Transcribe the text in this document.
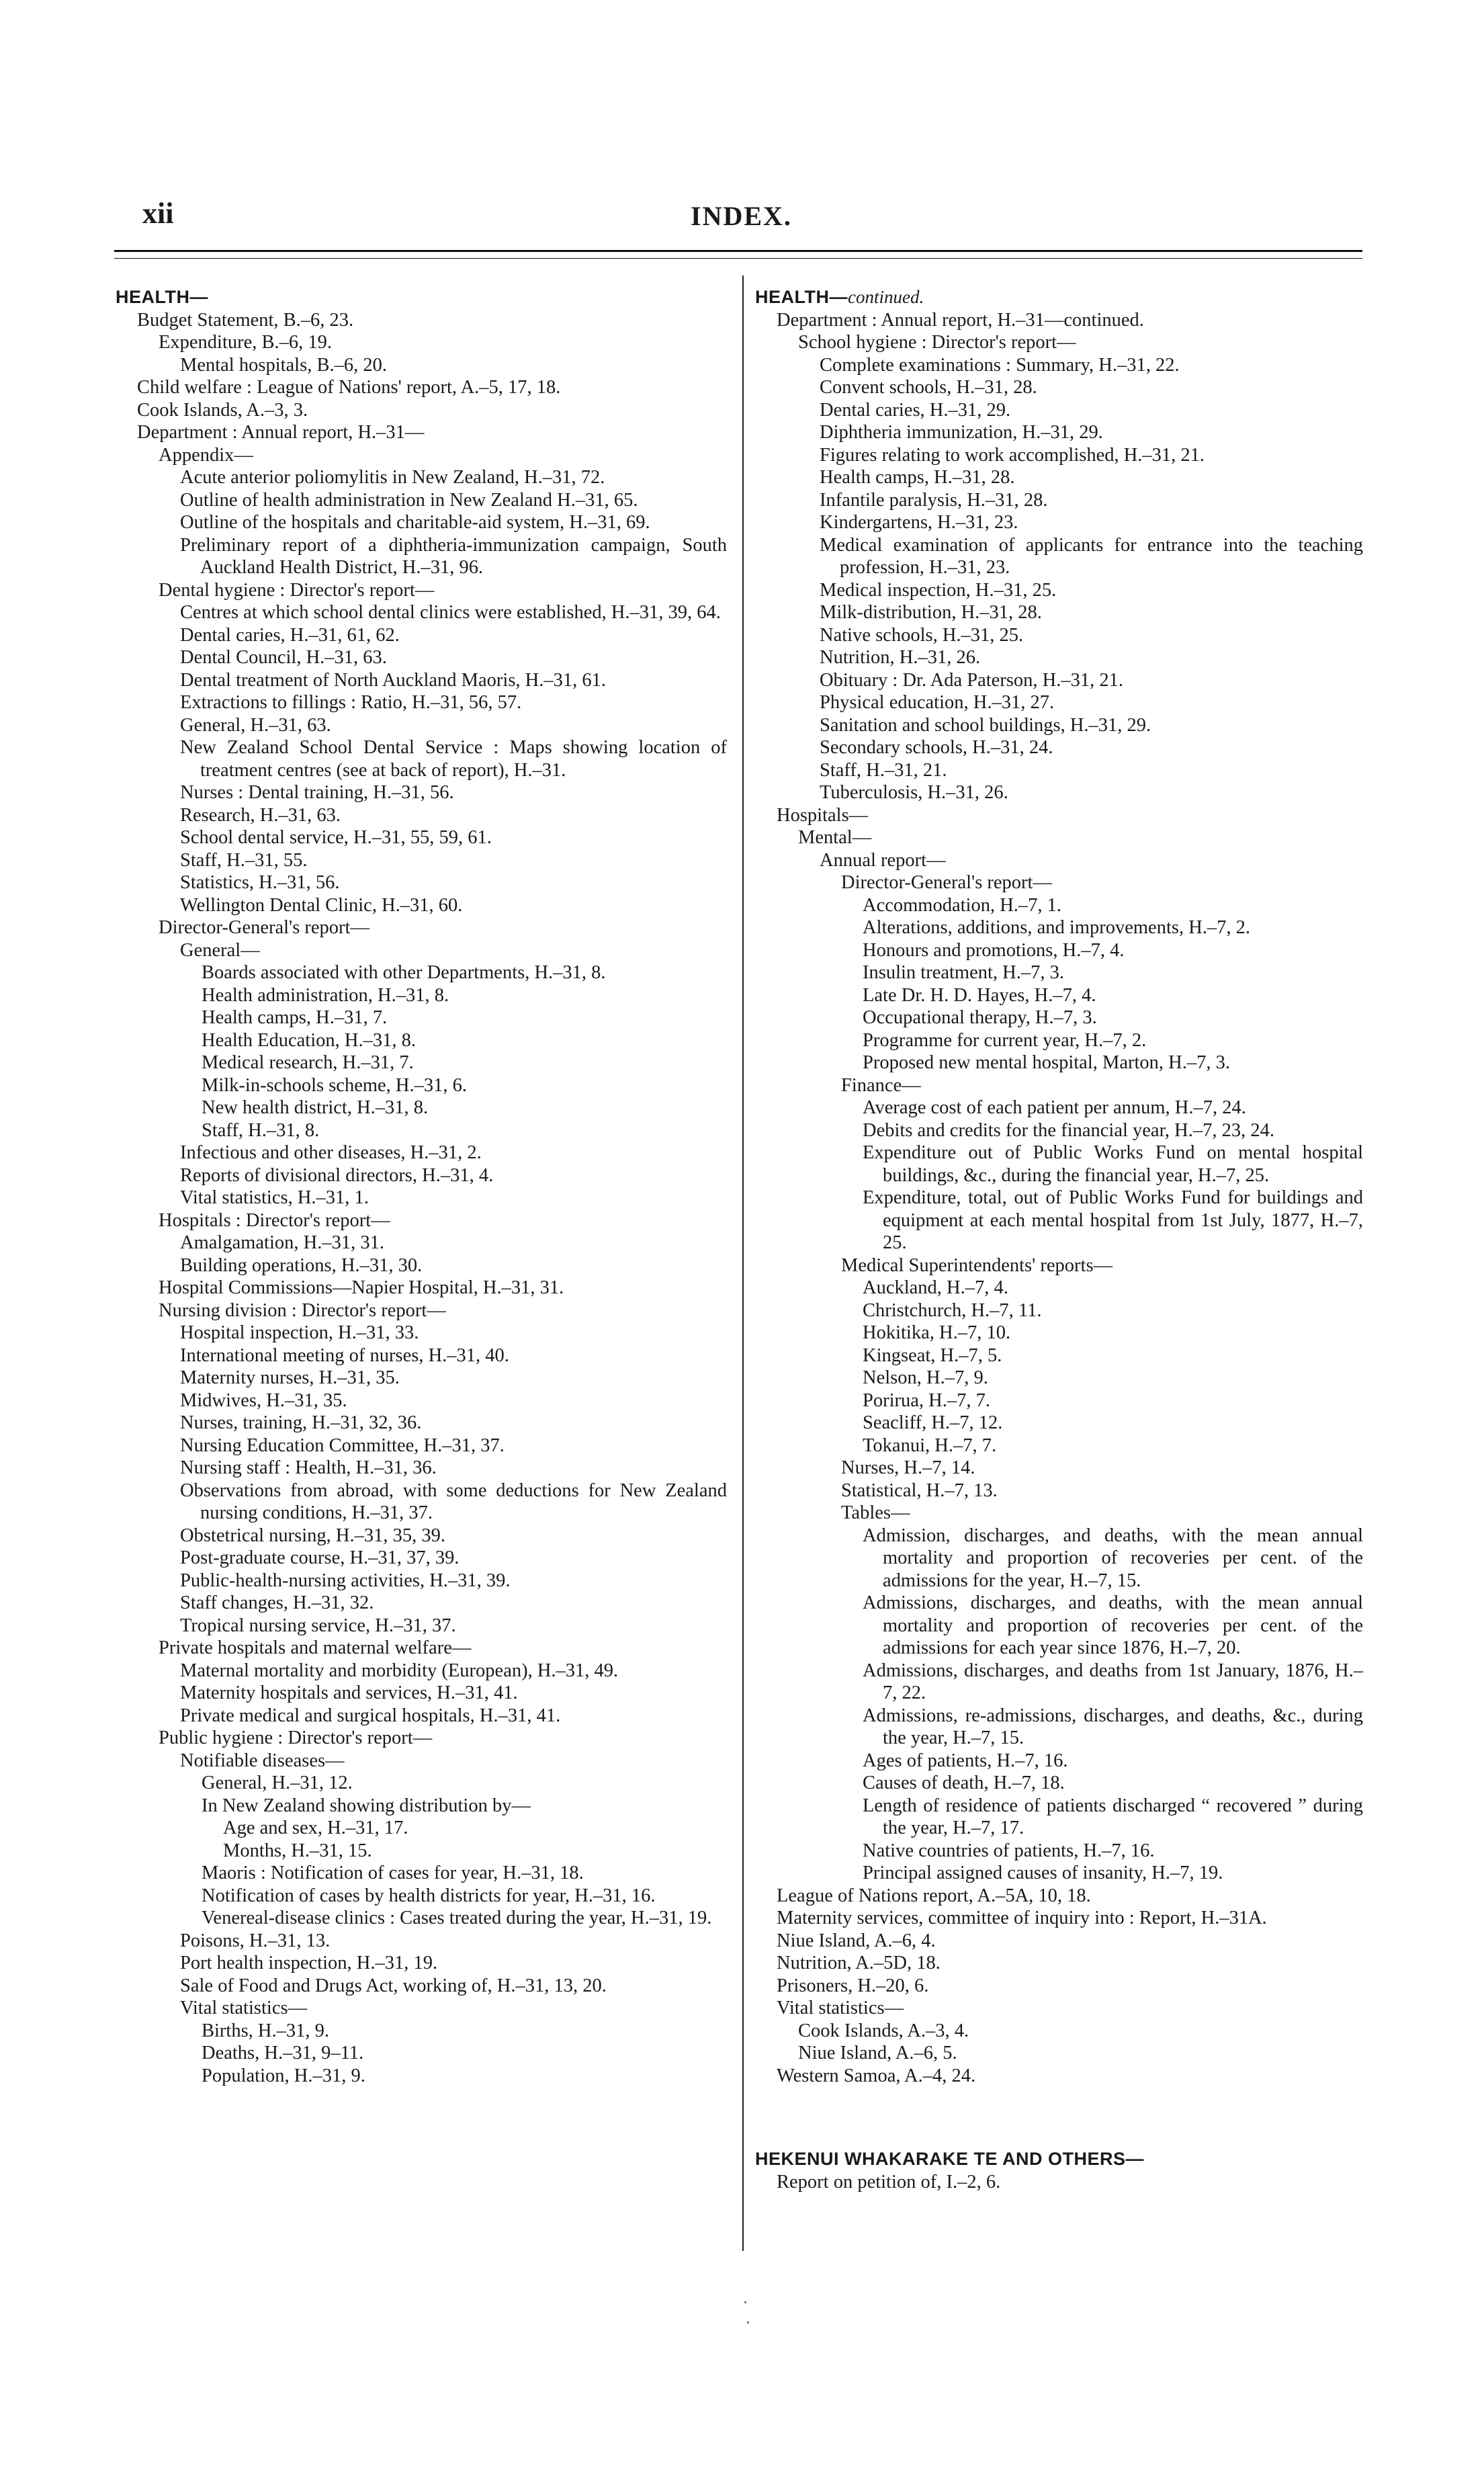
xii	INDEX.

HEALTH—

Budget Statement, B.–6, 23.

Expenditure, B.–6, 19.

Mental hospitals, B.–6, 20.

Child welfare : League of Nations' report, A.–5, 17, 18.

Cook Islands, A.–3, 3.

Department : Annual report, H.–31—

Appendix—

Acute anterior poliomylitis in New Zealand, H.–31, 72.

Outline of health administration in New Zealand H.–31, 65.

Outline of the hospitals and charitable-aid system, H.–31, 69.

Preliminary report of a diphtheria-immunization campaign, South Auckland Health District, H.–31, 96.

Dental hygiene : Director's report—

Centres at which school dental clinics were established, H.–31, 39, 64.

Dental caries, H.–31, 61, 62.

Dental Council, H.–31, 63.

Dental treatment of North Auckland Maoris, H.–31, 61.

Extractions to fillings : Ratio, H.–31, 56, 57.

General, H.–31, 63.

New Zealand School Dental Service : Maps showing location of treatment centres (see at back of report), H.–31.

Nurses : Dental training, H.–31, 56.

Research, H.–31, 63.

School dental service, H.–31, 55, 59, 61.

Staff, H.–31, 55.

Statistics, H.–31, 56.

Wellington Dental Clinic, H.–31, 60.

Director-General's report—

General—

Boards associated with other Departments, H.–31, 8.

Health administration, H.–31, 8.

Health camps, H.–31, 7.

Health Education, H.–31, 8.

Medical research, H.–31, 7.

Milk-in-schools scheme, H.–31, 6.

New health district, H.–31, 8.

Staff, H.–31, 8.

Infectious and other diseases, H.–31, 2.

Reports of divisional directors, H.–31, 4.

Vital statistics, H.–31, 1.

Hospitals : Director's report—

Amalgamation, H.–31, 31.

Building operations, H.–31, 30.

Hospital Commissions—Napier Hospital, H.–31, 31.

Nursing division : Director's report—

Hospital inspection, H.–31, 33.

International meeting of nurses, H.–31, 40.

Maternity nurses, H.–31, 35.

Midwives, H.–31, 35.

Nurses, training, H.–31, 32, 36.

Nursing Education Committee, H.–31, 37.

Nursing staff : Health, H.–31, 36.

Observations from abroad, with some deductions for New Zealand nursing conditions, H.–31, 37.

Obstetrical nursing, H.–31, 35, 39.

Post-graduate course, H.–31, 37, 39.

Public-health-nursing activities, H.–31, 39.

Staff changes, H.–31, 32.

Tropical nursing service, H.–31, 37.

Private hospitals and maternal welfare—

Maternal mortality and morbidity (European), H.–31, 49.

Maternity hospitals and services, H.–31, 41.

Private medical and surgical hospitals, H.–31, 41.

Public hygiene : Director's report—

Notifiable diseases—

General, H.–31, 12.

In New Zealand showing distribution by—

Age and sex, H.–31, 17.

Months, H.–31, 15.

Maoris : Notification of cases for year, H.–31, 18.

Notification of cases by health districts for year, H.–31, 16.

Venereal-disease clinics : Cases treated during the year, H.–31, 19.

Poisons, H.–31, 13.

Port health inspection, H.–31, 19.

Sale of Food and Drugs Act, working of, H.–31, 13, 20.

Vital statistics—

Births, H.–31, 9.

Deaths, H.–31, 9–11.

Population, H.–31, 9.

HEALTH—continued.

Department : Annual report, H.–31—continued.

School hygiene : Director's report—

Complete examinations : Summary, H.–31, 22.

Convent schools, H.–31, 28.

Dental caries, H.–31, 29.

Diphtheria immunization, H.–31, 29.

Figures relating to work accomplished, H.–31, 21.

Health camps, H.–31, 28.

Infantile paralysis, H.–31, 28.

Kindergartens, H.–31, 23.

Medical examination of applicants for entrance into the teaching profession, H.–31, 23.

Medical inspection, H.–31, 25.

Milk-distribution, H.–31, 28.

Native schools, H.–31, 25.

Nutrition, H.–31, 26.

Obituary : Dr. Ada Paterson, H.–31, 21.

Physical education, H.–31, 27.

Sanitation and school buildings, H.–31, 29.

Secondary schools, H.–31, 24.

Staff, H.–31, 21.

Tuberculosis, H.–31, 26.

Hospitals—

Mental—

Annual report—

Director-General's report—

Accommodation, H.–7, 1.

Alterations, additions, and improvements, H.–7, 2.

Honours and promotions, H.–7, 4.

Insulin treatment, H.–7, 3.

Late Dr. H. D. Hayes, H.–7, 4.

Occupational therapy, H.–7, 3.

Programme for current year, H.–7, 2.

Proposed new mental hospital, Marton, H.–7, 3.

Finance—

Average cost of each patient per annum, H.–7, 24.

Debits and credits for the financial year, H.–7, 23, 24.

Expenditure out of Public Works Fund on mental hospital buildings, &c., during the financial year, H.–7, 25.

Expenditure, total, out of Public Works Fund for buildings and equipment at each mental hospital from 1st July, 1877, H.–7, 25.

Medical Superintendents' reports—

Auckland, H.–7, 4.

Christchurch, H.–7, 11.

Hokitika, H.–7, 10.

Kingseat, H.–7, 5.

Nelson, H.–7, 9.

Porirua, H.–7, 7.

Seacliff, H.–7, 12.

Tokanui, H.–7, 7.

Nurses, H.–7, 14.

Statistical, H.–7, 13.

Tables—

Admission, discharges, and deaths, with the mean annual mortality and proportion of recoveries per cent. of the admissions for the year, H.–7, 15.

Admissions, discharges, and deaths, with the mean annual mortality and proportion of recoveries per cent. of the admissions for each year since 1876, H.–7, 20.

Admissions, discharges, and deaths from 1st January, 1876, H.–7, 22.

Admissions, re-admissions, discharges, and deaths, &c., during the year, H.–7, 15.

Ages of patients, H.–7, 16.

Causes of death, H.–7, 18.

Length of residence of patients discharged “ recovered ” during the year, H.–7, 17.

Native countries of patients, H.–7, 16.

Principal assigned causes of insanity, H.–7, 19.

League of Nations report, A.–5A, 10, 18.

Maternity services, committee of inquiry into : Report, H.–31A.

Niue Island, A.–6, 4.

Nutrition, A.–5D, 18.

Prisoners, H.–20, 6.

Vital statistics—

Cook Islands, A.–3, 4.

Niue Island, A.–6, 5.

Western Samoa, A.–4, 24.

HEKENUI WHAKARAKE TE AND OTHERS—

Report on petition of, I.–2, 6.
